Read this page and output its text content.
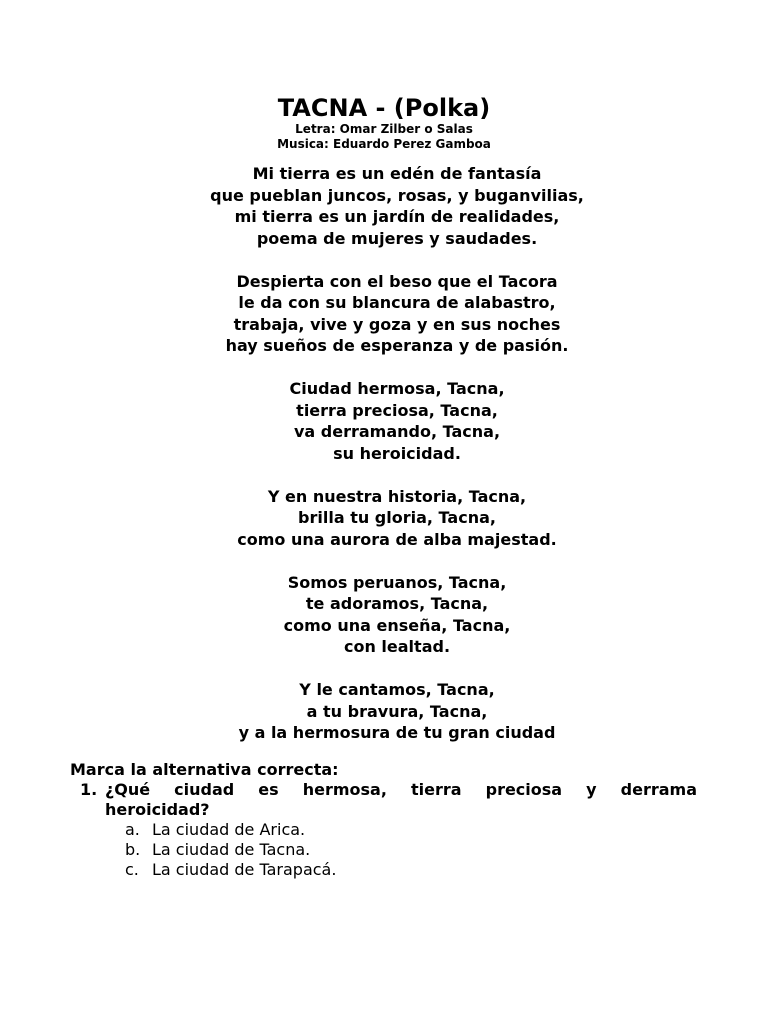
TACNA - (Polka)
Letra: Omar Zilber o Salas
Musica: Eduardo Perez Gamboa
Mi tierra es un edén de fantasía
que pueblan juncos, rosas, y buganvilias,
mi tierra es un jardín de realidades,
poema de mujeres y saudades.
Despierta con el beso que el Tacora
le da con su blancura de alabastro,
trabaja, vive y goza y en sus noches
hay sueños de esperanza y de pasión.
Ciudad hermosa, Tacna,
tierra preciosa, Tacna,
va derramando, Tacna,
su heroicidad.
Y en nuestra historia, Tacna,
brilla tu gloria, Tacna,
como una aurora de alba majestad.
Somos peruanos, Tacna,
te adoramos, Tacna,
como una enseña, Tacna,
con lealtad.
Y le cantamos, Tacna,
a tu bravura, Tacna,
y a la hermosura de tu gran ciudad
Marca la alternativa correcta:
1. ¿Qué ciudad es hermosa, tierra preciosa y derrama
heroicidad?
a. La ciudad de Arica.
b. La ciudad de Tacna.
c. La ciudad de Tarapacá.
